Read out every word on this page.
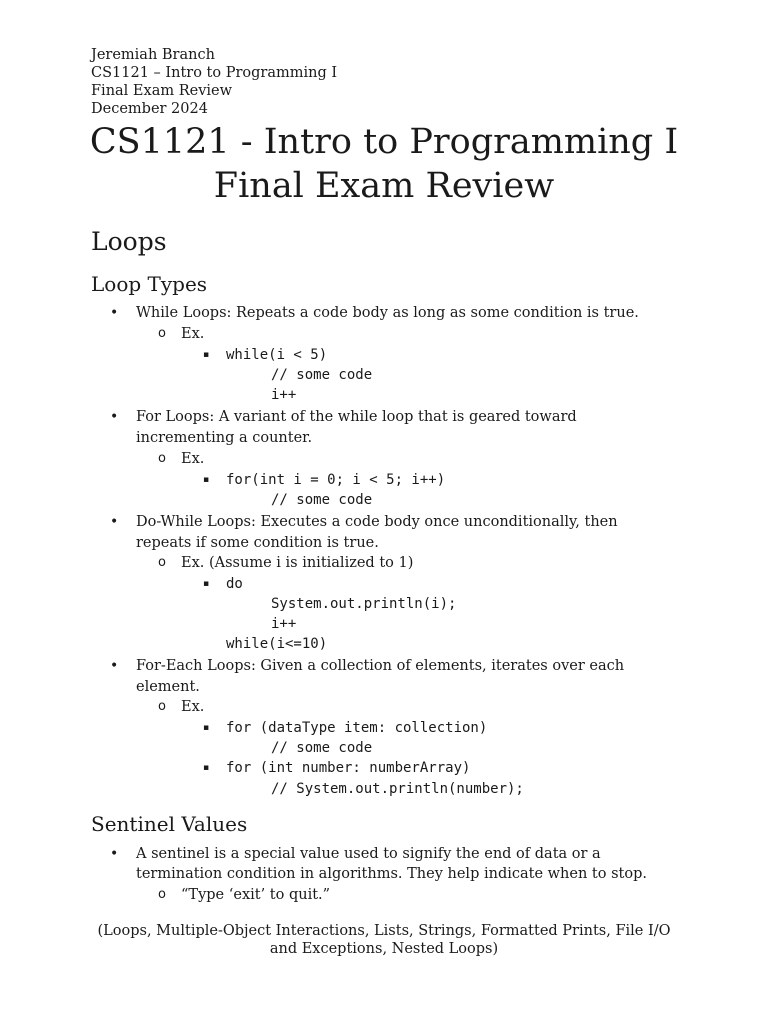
Jeremiah Branch
CS1121 – Intro to Programming I
Final Exam Review
December 2024
CS1121 - Intro to Programming I
Final Exam Review
Loops
Loop Types
• While Loops: Repeats a code body as long as some condition is true.
o Ex.
▪ while(i < 5)
// some code
i++
• For Loops: A variant of the while loop that is geared toward
incrementing a counter.
o Ex.
▪ for(int i = 0; i < 5; i++)
// some code
• Do-While Loops: Executes a code body once unconditionally, then
repeats if some condition is true.
o Ex. (Assume i is initialized to 1)
▪ do
System.out.println(i);
i++
while(i<=10)
• For-Each Loops: Given a collection of elements, iterates over each
element.
o Ex.
▪ for (dataType item: collection)
// some code
▪ for (int number: numberArray)
// System.out.println(number);
Sentinel Values
• A sentinel is a special value used to signify the end of data or a
termination condition in algorithms. They help indicate when to stop.
o “Type ‘exit’ to quit.”
(Loops, Multiple-Object Interactions, Lists, Strings, Formatted Prints, File I/O and Exceptions, Nested Loops)
